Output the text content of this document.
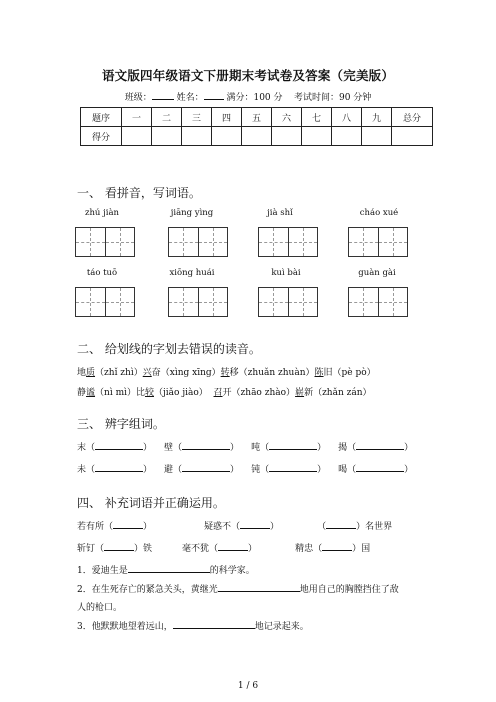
语文版四年级语文下册期末考试卷及答案（完美版）
班级：	姓名：	满分：100 分 考试时间：90 分钟
题序	一	二	三	四	五	六	七	八	九	总分
得分										
一、 看拼音，写词语。
zhú jiàn	jiāng yìng	jià shǐ	cháo xué
táo tuō	xiōng huái	kuì bài	guàn gài
二、 给划线的字划去错误的读音。
地质（zhǐ zhì）兴奋（xìng xīng）转移（zhuǎn zhuàn）陈旧（pè pò）
静谧（nì mì）比较（jiǎo jiào） 召开（zhāo zhào）崭新（zhǎn zán）
三、 辨字组词。
末（	） 壁（	） 吨（	） 揭（	）
未（	） 避（	） 钝（	） 喝（	）
四、 补充词语并正确运用。
若有所（	）	疑惑不（	）	（	）名世界
斩钉（	）铁	毫不犹（	）	精忠（	）国
1．爱迪生是	的科学家。
2．在生死存亡的紧急关头，黄继光	地用自己的胸膛挡住了敌
人的枪口。
3．他默默地望着远山，	地记录起来。
1 / 6
